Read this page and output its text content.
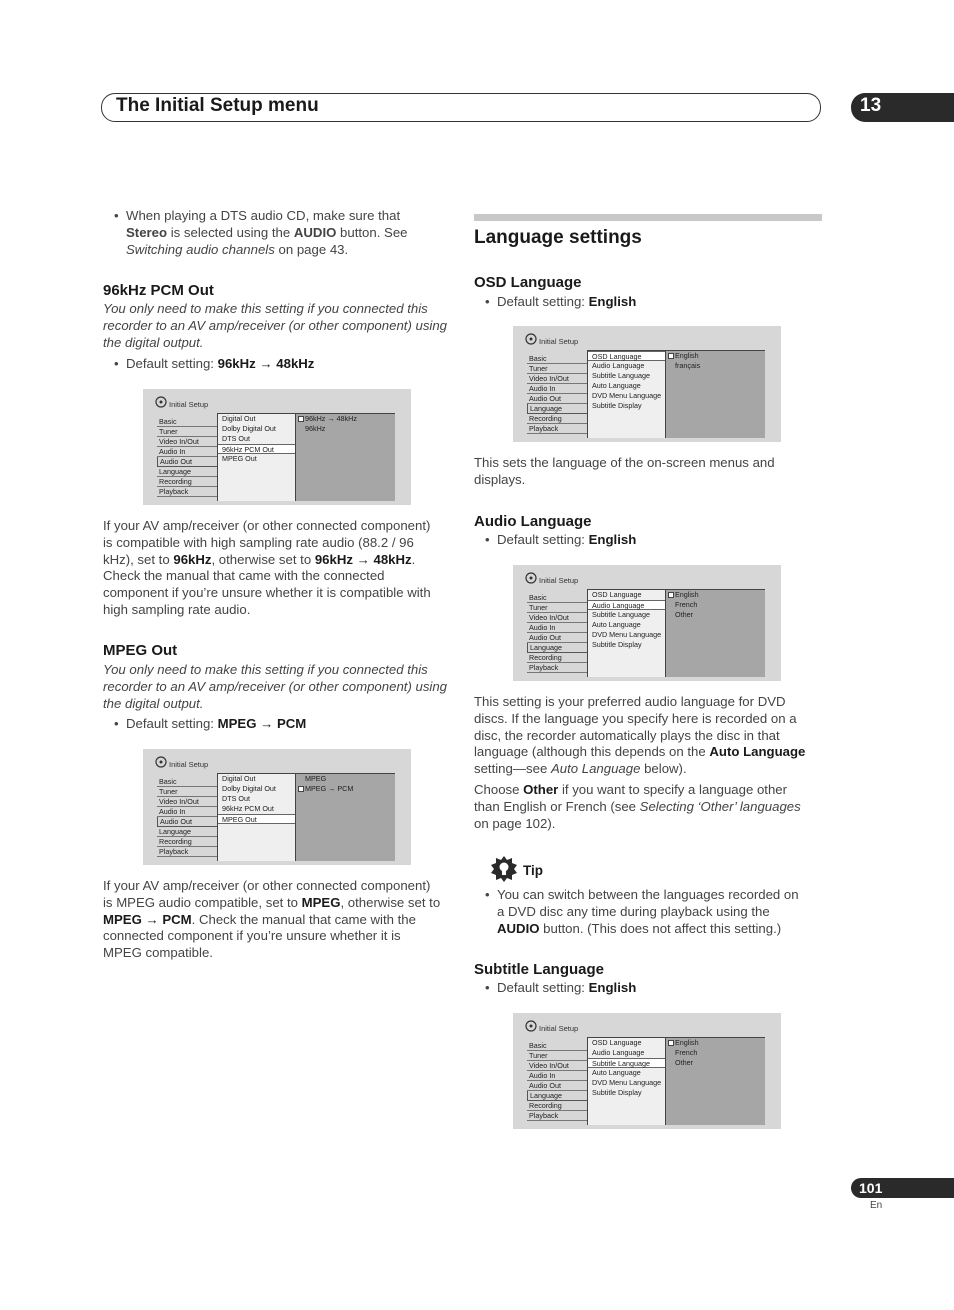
The Initial Setup menu	13
• When playing a DTS audio CD, make sure that
Stereo is selected using the AUDIO button. See
Switching audio channels on page 43.
96kHz PCM Out
You only need to make this setting if you connected this
recorder to an AV amp/receiver (or other component) using
the digital output.
• Default setting: 96kHz → 48kHz
Initial Setup
Basic
Tuner
Video In/Out
Audio In
Audio Out
Language
Recording
Playback
Digital Out
Dolby Digital Out
DTS Out
96kHz PCM Out
MPEG Out
96kHz → 48kHz
96kHz
If your AV amp/receiver (or other connected component)
is compatible with high sampling rate audio (88.2 / 96
kHz), set to 96kHz, otherwise set to 96kHz → 48kHz.
Check the manual that came with the connected
component if you’re unsure whether it is compatible with
high sampling rate audio.
MPEG Out
You only need to make this setting if you connected this
recorder to an AV amp/receiver (or other component) using
the digital output.
• Default setting: MPEG → PCM
Initial Setup
Basic
Tuner
Video In/Out
Audio In
Audio Out
Language
Recording
Playback
Digital Out
Dolby Digital Out
DTS Out
96kHz PCM Out
MPEG Out
MPEG
MPEG → PCM
If your AV amp/receiver (or other connected component)
is MPEG audio compatible, set to MPEG, otherwise set to
MPEG → PCM. Check the manual that came with the
connected component if you’re unsure whether it is
MPEG compatible.
Language settings
OSD Language
• Default setting: English
Initial Setup
Basic
Tuner
Video In/Out
Audio In
Audio Out
Language
Recording
Playback
OSD Language
Audio Language
Subtitle Language
Auto Language
DVD Menu Language
Subtitle Display
English
français
This sets the language of the on-screen menus and
displays.
Audio Language
• Default setting: English
Initial Setup
Basic
Tuner
Video In/Out
Audio In
Audio Out
Language
Recording
Playback
OSD Language
Audio Language
Subtitle Language
Auto Language
DVD Menu Language
Subtitle Display
English
French
Other
This setting is your preferred audio language for DVD
discs. If the language you specify here is recorded on a
disc, the recorder automatically plays the disc in that
language (although this depends on the Auto Language
setting—see Auto Language below).
Choose Other if you want to specify a language other
than English or French (see Selecting ‘Other’ languages
on page 102).
Tip
• You can switch between the languages recorded on
a DVD disc any time during playback using the
AUDIO button. (This does not affect this setting.)
Subtitle Language
• Default setting: English
Initial Setup
Basic
Tuner
Video In/Out
Audio In
Audio Out
Language
Recording
Playback
OSD Language
Audio Language
Subtitle Language
Auto Language
DVD Menu Language
Subtitle Display
English
French
Other
101
En
